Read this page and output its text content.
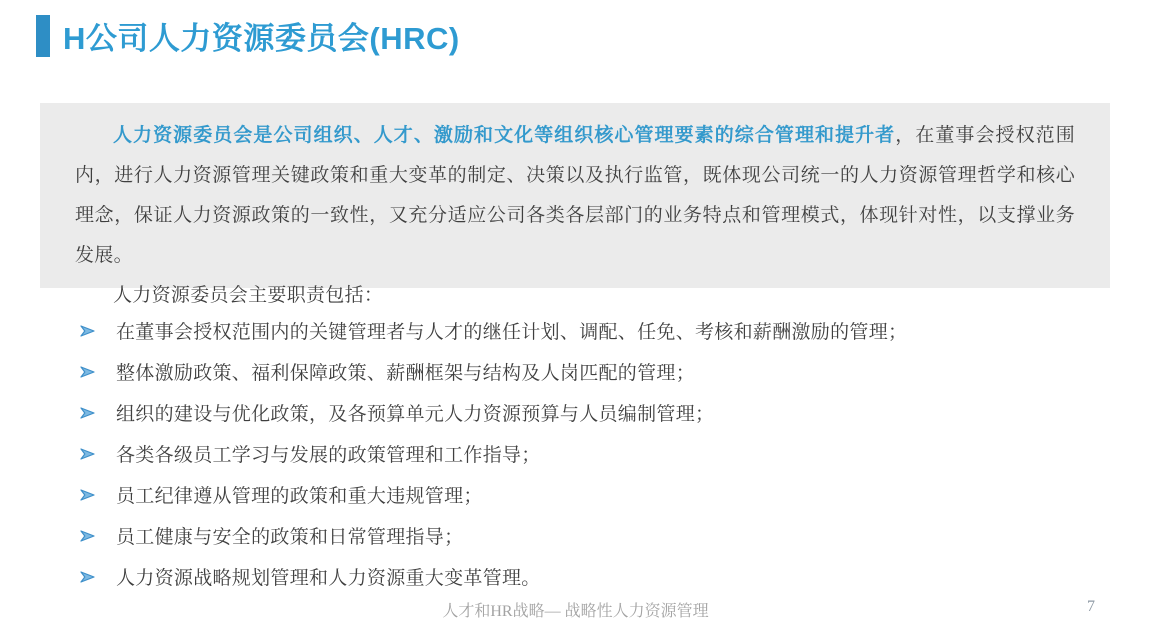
H公司人力资源委员会(HRC)

人力资源委员会是公司组织、人才、激励和文化等组织核心管理要素的综合管理和提升者，在董事会授权范围内，进行人力资源管理关键政策和重大变革的制定、决策以及执行监管，既体现公司统一的人力资源管理哲学和核心理念，保证人力资源政策的一致性，又充分适应公司各类各层部门的业务特点和管理模式，体现针对性，以支撑业务发展。

人力资源委员会主要职责包括：

在董事会授权范围内的关键管理者与人才的继任计划、调配、任免、考核和薪酬激励的管理；
整体激励政策、福利保障政策、薪酬框架与结构及人岗匹配的管理；
组织的建设与优化政策，及各预算单元人力资源预算与人员编制管理；
各类各级员工学习与发展的政策管理和工作指导；
员工纪律遵从管理的政策和重大违规管理；
员工健康与安全的政策和日常管理指导；
人力资源战略规划管理和人力资源重大变革管理。
人才和HR战略— 战略性人力资源管理	7
